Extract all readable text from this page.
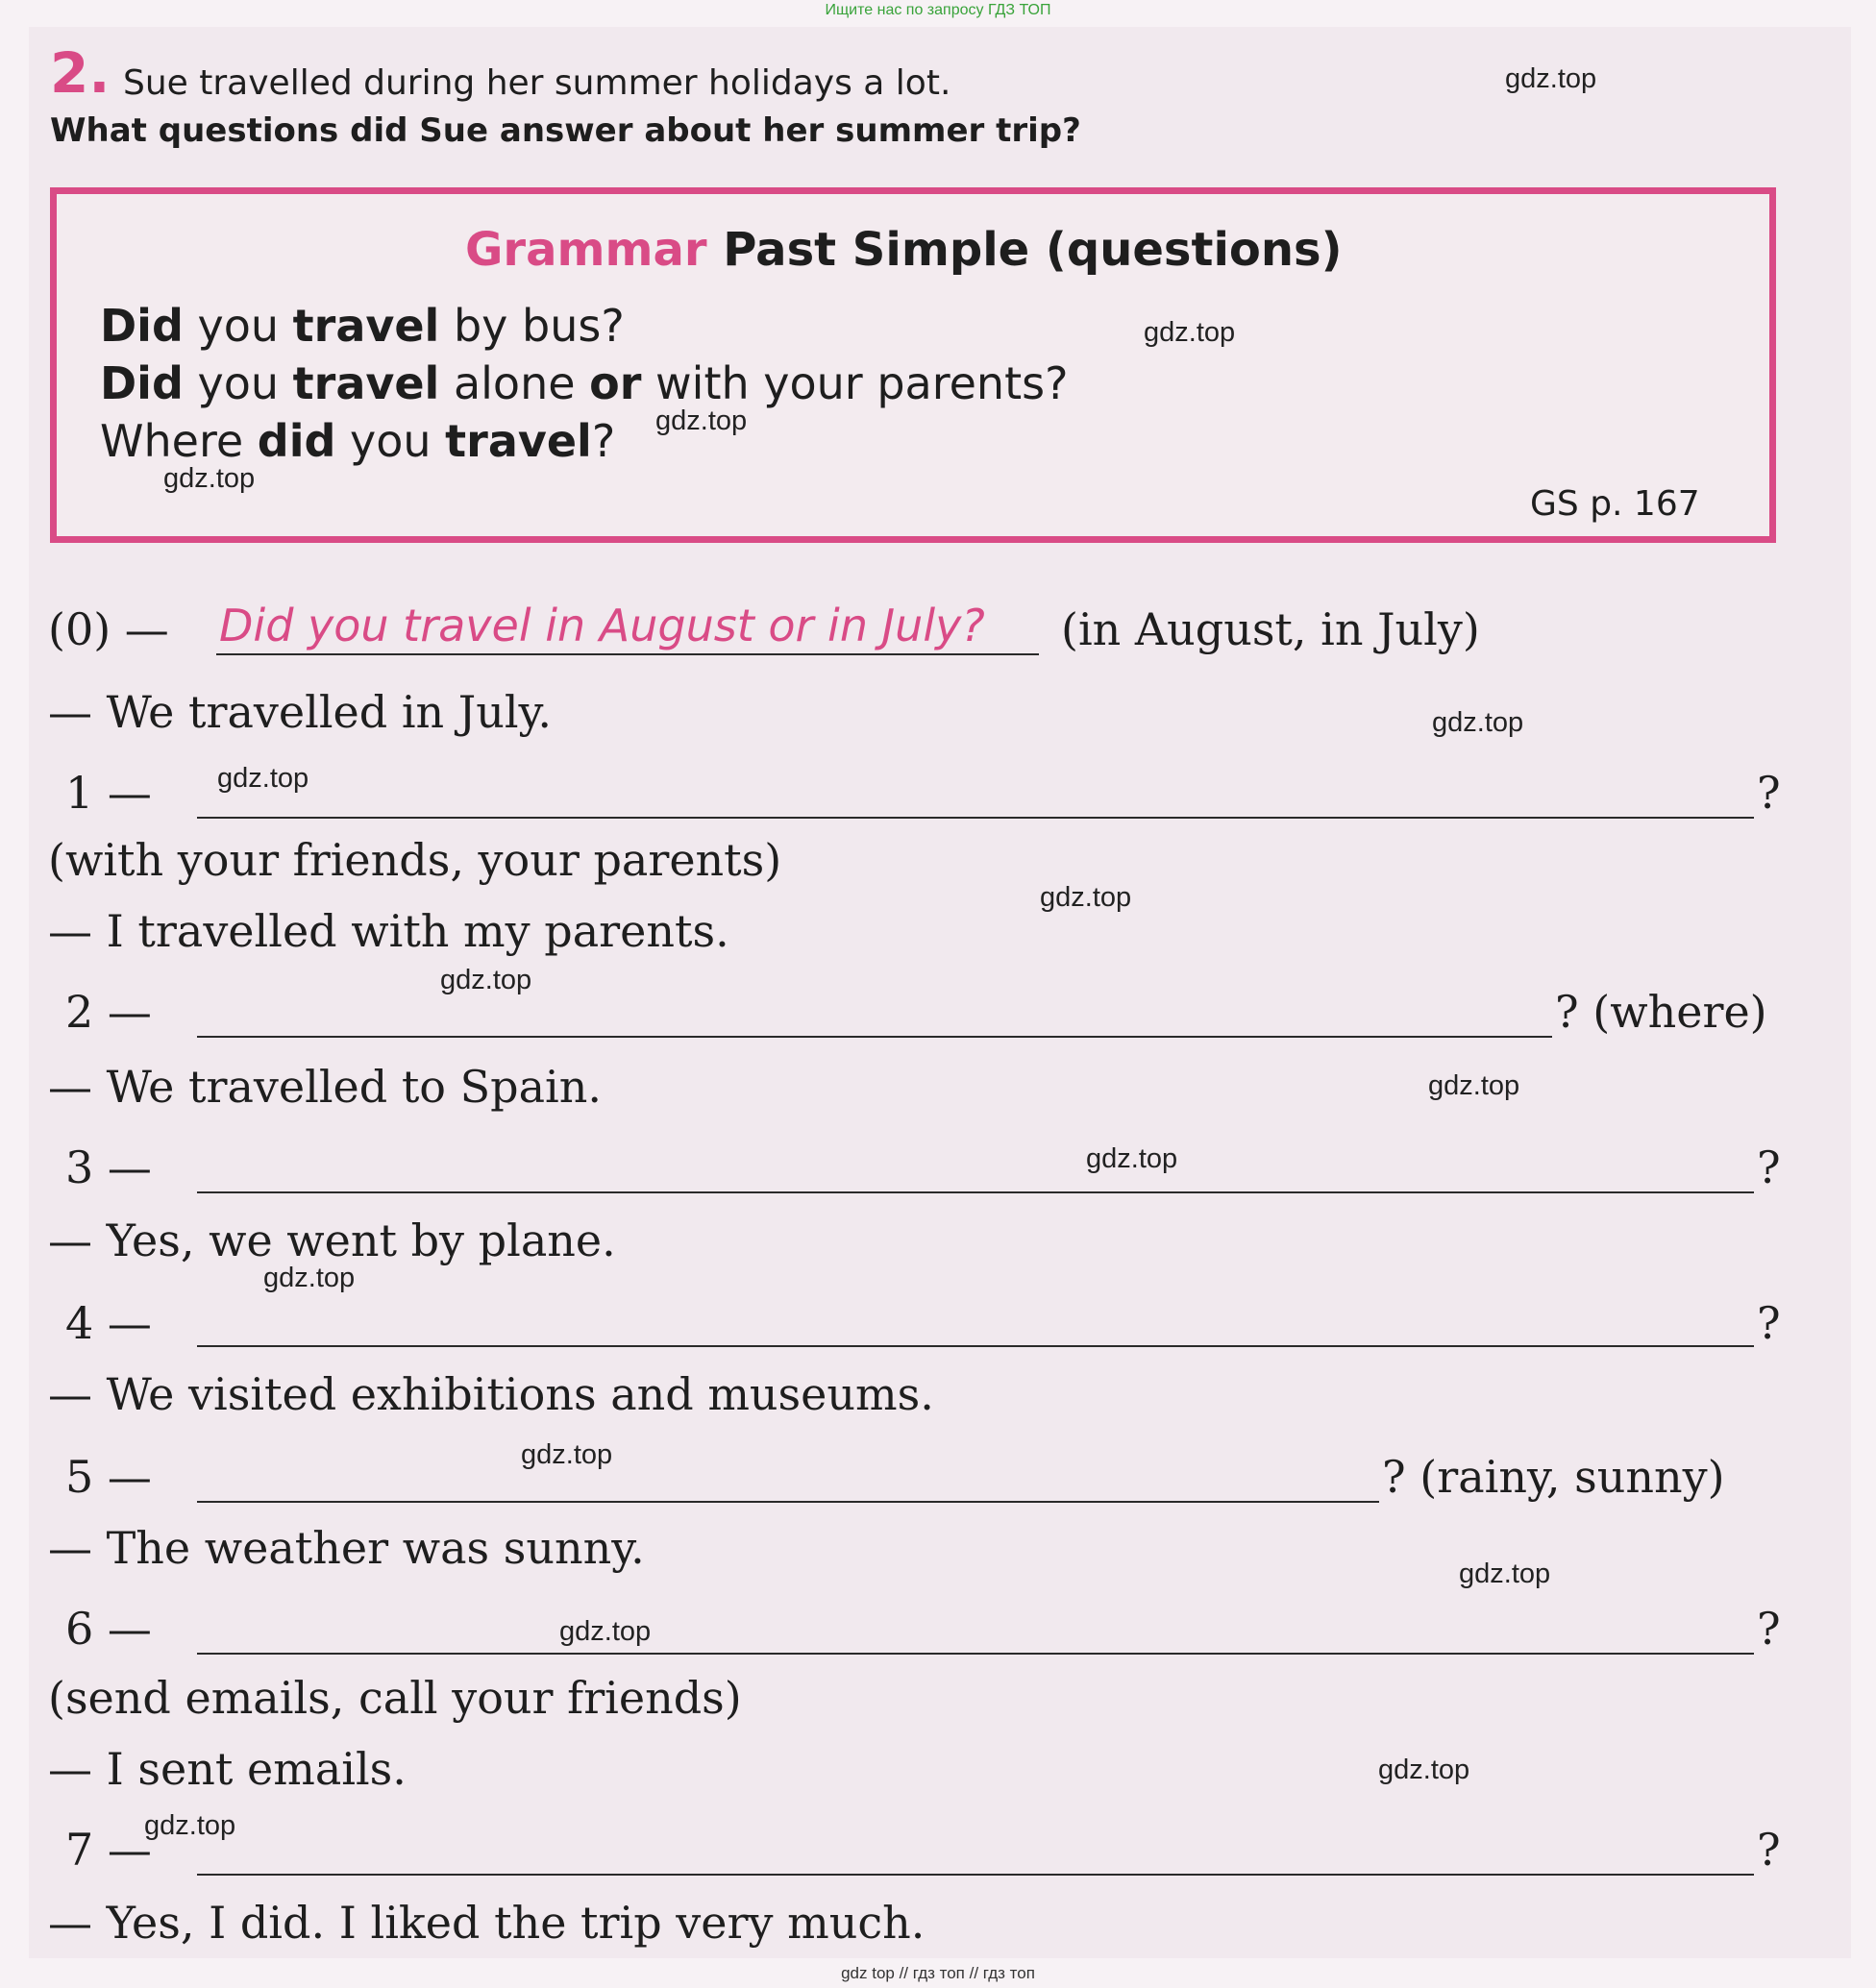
Ищите нас по запросу ГДЗ ТОП
2. Sue travelled during her summer holidays a lot.
What questions did Sue answer about her summer trip?
Grammar Past Simple (questions)
Did you travel by bus?
Did you travel alone or with your parents?
Where did you travel?
GS p. 167
(0) — Did you travel in August or in July? (in August, in July)
— We travelled in July.
1 —	?
(with your friends, your parents)
— I travelled with my parents.
2 —	? (where)
— We travelled to Spain.
3 —	?
— Yes, we went by plane.
4 —	?
— We visited exhibitions and museums.
5 —	? (rainy, sunny)
— The weather was sunny.
6 —	?
(send emails, call your friends)
— I sent emails.
7 —	?
— Yes, I did. I liked the trip very much.
gdz.top
gdz.top
gdz.top
gdz.top
gdz.top
gdz.top
gdz.top
gdz.top
gdz.top
gdz.top
gdz.top
gdz.top
gdz.top
gdz.top
gdz.top
gdz.top
gdz top // гдз топ // гдз топ
